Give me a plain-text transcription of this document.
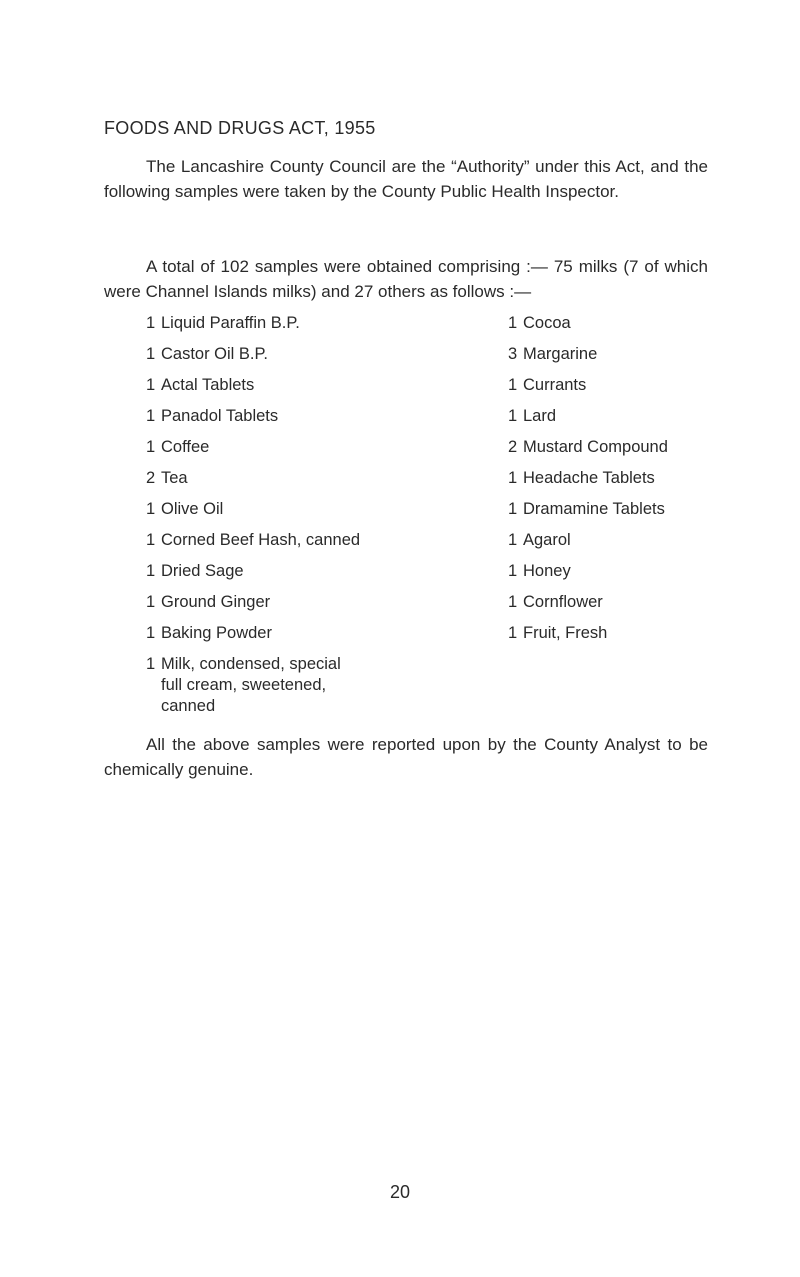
FOODS AND DRUGS ACT, 1955

The Lancashire County Council are the “Authority” under this Act, and the following samples were taken by the County Public Health Inspector.

A total of 102 samples were obtained comprising :— 75 milks (7 of which were Channel Islands milks) and 27 others as follows :—

1 Liquid Paraffin B.P.
1 Castor Oil B.P.
1 Actal Tablets
1 Panadol Tablets
1 Coffee
2 Tea
1 Olive Oil
1 Corned Beef Hash, canned
1 Dried Sage
1 Ground Ginger
1 Baking Powder
1 Milk, condensed, special
full cream, sweetened,
canned
1 Cocoa
3 Margarine
1 Currants
1 Lard
2 Mustard Compound
1 Headache Tablets
1 Dramamine Tablets
1 Agarol
1 Honey
1 Cornflower
1 Fruit, Fresh

All the above samples were reported upon by the County Analyst to be chemically genuine.

20
